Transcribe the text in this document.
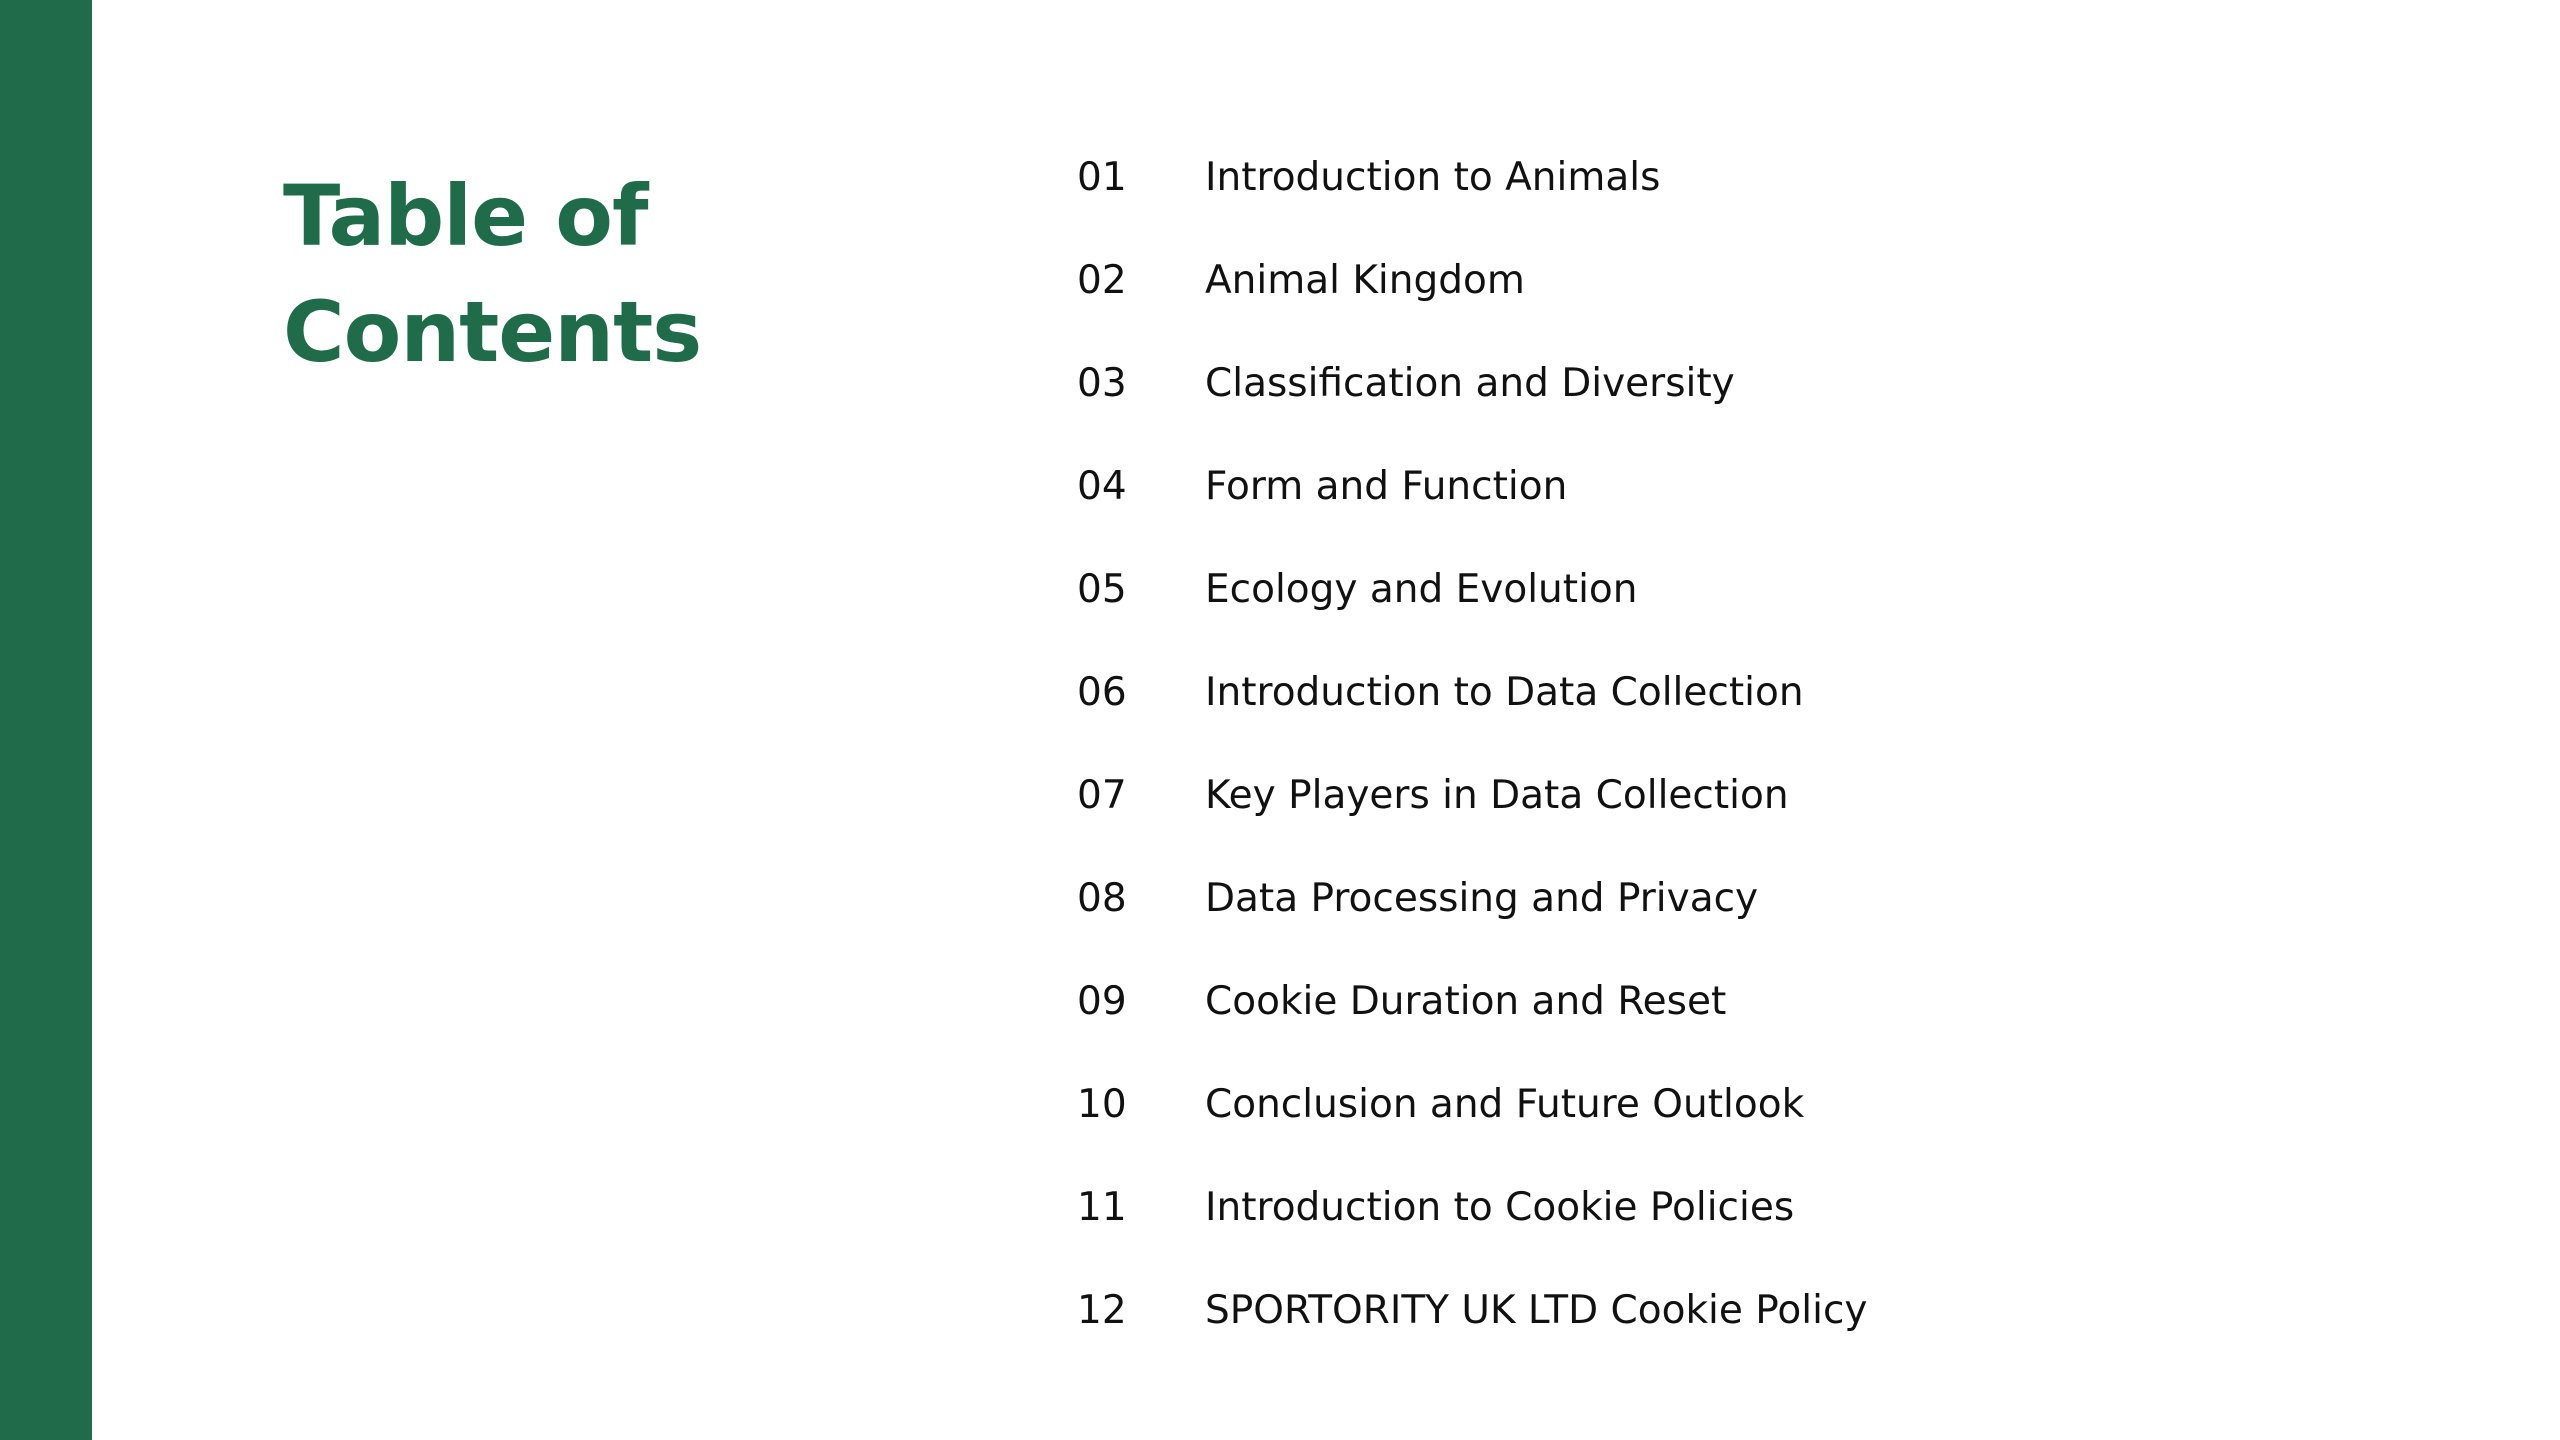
Table of
Contents
01	Introduction to Animals
02	Animal Kingdom
03	Classification and Diversity
04	Form and Function
05	Ecology and Evolution
06	Introduction to Data Collection
07	Key Players in Data Collection
08	Data Processing and Privacy
09	Cookie Duration and Reset
10	Conclusion and Future Outlook
11	Introduction to Cookie Policies
12	SPORTORITY UK LTD Cookie Policy
